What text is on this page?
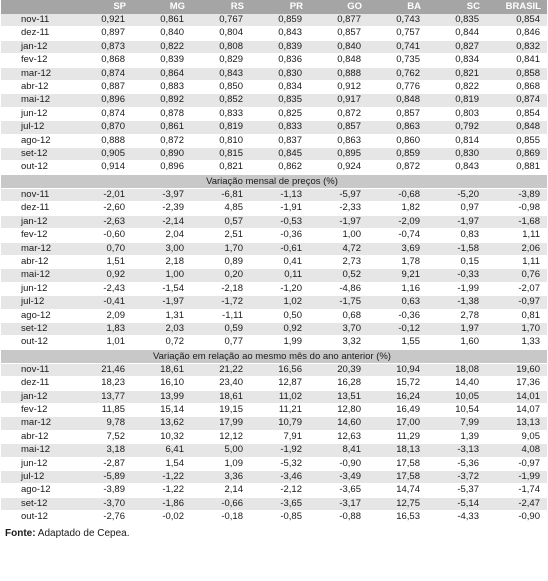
	SP	MG	RS	PR	GO	BA	SC	BRASIL
nov-11	0,921	0,861	0,767	0,859	0,877	0,743	0,835	0,854
dez-11	0,897	0,840	0,804	0,843	0,857	0,757	0,844	0,846
jan-12	0,873	0,822	0,808	0,839	0,840	0,741	0,827	0,832
fev-12	0,868	0,839	0,829	0,836	0,848	0,735	0,834	0,841
mar-12	0,874	0,864	0,843	0,830	0,888	0,762	0,821	0,858
abr-12	0,887	0,883	0,850	0,834	0,912	0,776	0,822	0,868
mai-12	0,896	0,892	0,852	0,835	0,917	0,848	0,819	0,874
jun-12	0,874	0,878	0,833	0,825	0,872	0,857	0,803	0,854
jul-12	0,870	0,861	0,819	0,833	0,857	0,863	0,792	0,848
ago-12	0,888	0,872	0,810	0,837	0,863	0,860	0,814	0,855
set-12	0,905	0,890	0,815	0,845	0,895	0,859	0,830	0,869
out-12	0,914	0,896	0,821	0,862	0,924	0,872	0,843	0,881
Variação mensal de preços (%)								
nov-11	-2,01	-3,97	-6,81	-1,13	-5,97	-0,68	-5,20	-3,89
dez-11	-2,60	-2,39	4,85	-1,91	-2,33	1,82	0,97	-0,98
jan-12	-2,63	-2,14	0,57	-0,53	-1,97	-2,09	-1,97	-1,68
fev-12	-0,60	2,04	2,51	-0,36	1,00	-0,74	0,83	1,11
mar-12	0,70	3,00	1,70	-0,61	4,72	3,69	-1,58	2,06
abr-12	1,51	2,18	0,89	0,41	2,73	1,78	0,15	1,11
mai-12	0,92	1,00	0,20	0,11	0,52	9,21	-0,33	0,76
jun-12	-2,43	-1,54	-2,18	-1,20	-4,86	1,16	-1,99	-2,07
jul-12	-0,41	-1,97	-1,72	1,02	-1,75	0,63	-1,38	-0,97
ago-12	2,09	1,31	-1,11	0,50	0,68	-0,36	2,78	0,81
set-12	1,83	2,03	0,59	0,92	3,70	-0,12	1,97	1,70
out-12	1,01	0,72	0,77	1,99	3,32	1,55	1,60	1,33
Variação em relação ao mesmo mês do ano anterior (%)								
nov-11	21,46	18,61	21,22	16,56	20,39	10,94	18,08	19,60
dez-11	18,23	16,10	23,40	12,87	16,28	15,72	14,40	17,36
jan-12	13,77	13,99	18,61	11,02	13,51	16,24	10,05	14,01
fev-12	11,85	15,14	19,15	11,21	12,80	16,49	10,54	14,07
mar-12	9,78	13,62	17,99	10,79	14,60	17,00	7,99	13,13
abr-12	7,52	10,32	12,12	7,91	12,63	11,29	1,39	9,05
mai-12	3,18	6,41	5,00	-1,92	8,41	18,13	-3,13	4,08
jun-12	-2,87	1,54	1,09	-5,32	-0,90	17,58	-5,36	-0,97
jul-12	-5,89	-1,22	3,36	-3,46	-3,49	17,58	-3,72	-1,99
ago-12	-3,89	-1,22	2,14	-2,12	-3,65	14,74	-5,37	-1,74
set-12	-3,70	-1,86	-0,66	-3,65	-3,17	12,75	-5,14	-2,47
out-12	-2,76	-0,02	-0,18	-0,85	-0,88	16,53	-4,33	-0,90
Fonte: Adaptado de Cepea.
